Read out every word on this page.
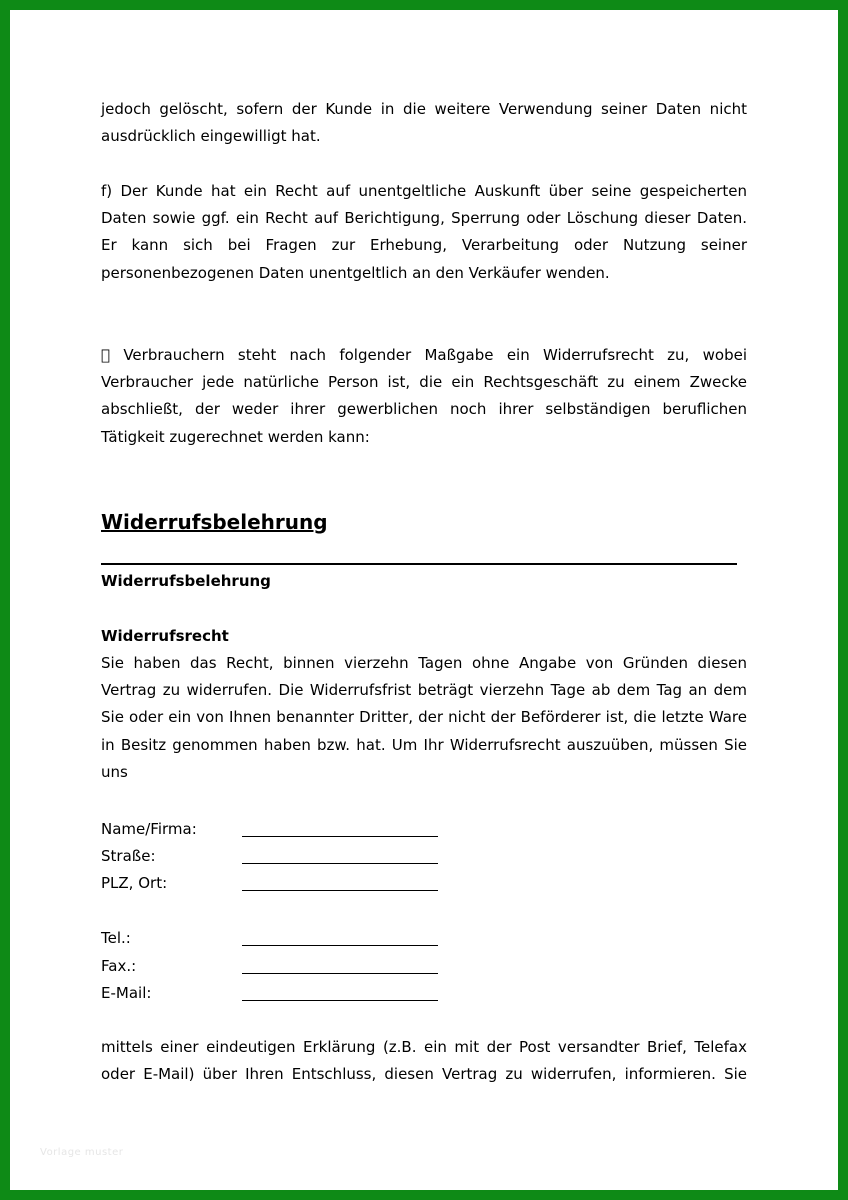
jedoch gelöscht, sofern der Kunde in die weitere Verwendung seiner Daten nicht ausdrücklich eingewilligt hat.

f) Der Kunde hat ein Recht auf unentgeltliche Auskunft über seine gespeicherten Daten sowie ggf. ein Recht auf Berichtigung, Sperrung oder Löschung dieser Daten. Er kann sich bei Fragen zur Erhebung, Verarbeitung oder Nutzung seiner personenbezogenen Daten unentgeltlich an den Verkäufer wenden.

Verbrauchern steht nach folgender Maßgabe ein Widerrufsrecht zu, wobei Verbraucher jede natürliche Person ist, die ein Rechtsgeschäft zu einem Zwecke abschließt, der weder ihrer gewerblichen noch ihrer selbständigen beruflichen Tätigkeit zugerechnet werden kann:

Widerrufsbelehrung
Widerrufsbelehrung
Widerrufsrecht

Sie haben das Recht, binnen vierzehn Tagen ohne Angabe von Gründen diesen Vertrag zu widerrufen. Die Widerrufsfrist beträgt vierzehn Tage ab dem Tag an dem Sie oder ein von Ihnen benannter Dritter, der nicht der Beförderer ist, die letzte Ware in Besitz genommen haben bzw. hat. Um Ihr Widerrufsrecht auszuüben, müssen Sie uns

Name/Firma:
Straße:
PLZ, Ort:
Tel.:
Fax.:
E-Mail:

mittels einer eindeutigen Erklärung (z.B. ein mit der Post versandter Brief, Telefax oder E-Mail) über Ihren Entschluss, diesen Vertrag zu widerrufen, informieren. Sie

Vorlage muster
